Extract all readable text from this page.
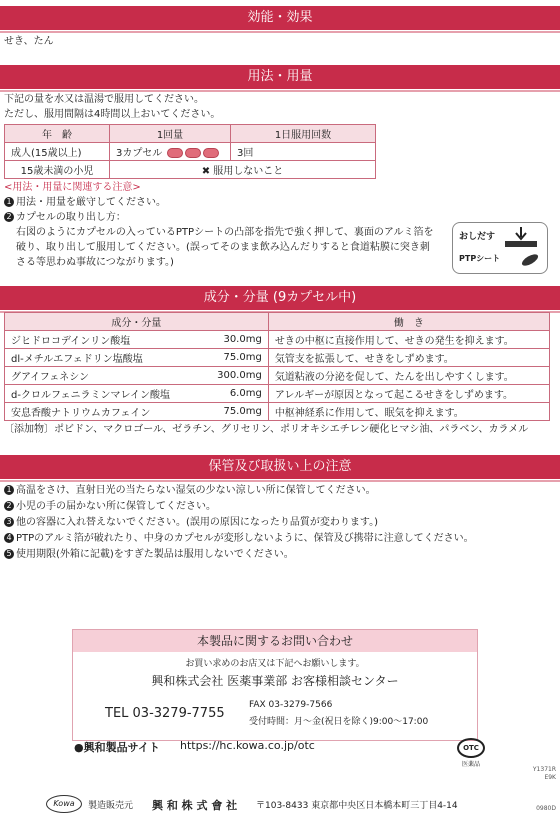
効能・効果
せき、たん
用法・用量
下記の量を水又は温湯で服用してください。
ただし、服用間隔は4時間以上おいてください。
年　齢	1回量	1日服用回数
成人(15歳以上)	3カプセル	3回
15歳未満の小児	✖ 服用しないこと	
<用法・用量に関連する注意>
1 用法・用量を厳守してください。
2 カプセルの取り出し方：
右図のようにカプセルの入っているPTPシートの凸部を指先で強く押して、裏面のアルミ箔を
破り、取り出して服用してください。(誤ってそのまま飲み込んだりすると食道粘膜に突き刺
さる等思わぬ事故につながります。)
おしだす
PTPシート
成分・分量 (9カプセル中)
成分・分量		働　き
ジヒドロコデインリン酸塩	30.0mg	せきの中枢に直接作用して、せきの発生を抑えます。
dl-メチルエフェドリン塩酸塩	75.0mg	気管支を拡張して、せきをしずめます。
グアイフェネシン	300.0mg	気道粘液の分泌を促して、たんを出しやすくします。
d-クロルフェニラミンマレイン酸塩	6.0mg	アレルギーが原因となって起こるせきをしずめます。
安息香酸ナトリウムカフェイン	75.0mg	中枢神経系に作用して、眠気を抑えます。
〔添加物〕ポビドン、マクロゴール、ゼラチン、グリセリン、ポリオキシエチレン硬化ヒマシ油、パラベン、カラメル
保管及び取扱い上の注意
1 高温をさけ、直射日光の当たらない湿気の少ない涼しい所に保管してください。
2 小児の手の届かない所に保管してください。
3 他の容器に入れ替えないでください。(誤用の原因になったり品質が変わります。)
4 PTPのアルミ箔が破れたり、中身のカプセルが変形しないように、保管及び携帯に注意してください。
5 使用期限(外箱に記載)をすぎた製品は服用しないでください。
本製品に関するお問い合わせ
お買い求めのお店又は下記へお願いします。
興和株式会社 医薬事業部 お客様相談センター
TEL 03-3279-7755
FAX 03-3279-7566
受付時間：月～金(祝日を除く)9:00～17:00
●興和製品サイト https://hc.kowa.co.jp/otc	OTC
医薬品
Y1371R
E9K
0980D
Kowa	製造販売元 興 和 株 式 會 社 〒103-8433 東京都中央区日本橋本町三丁目4-14
